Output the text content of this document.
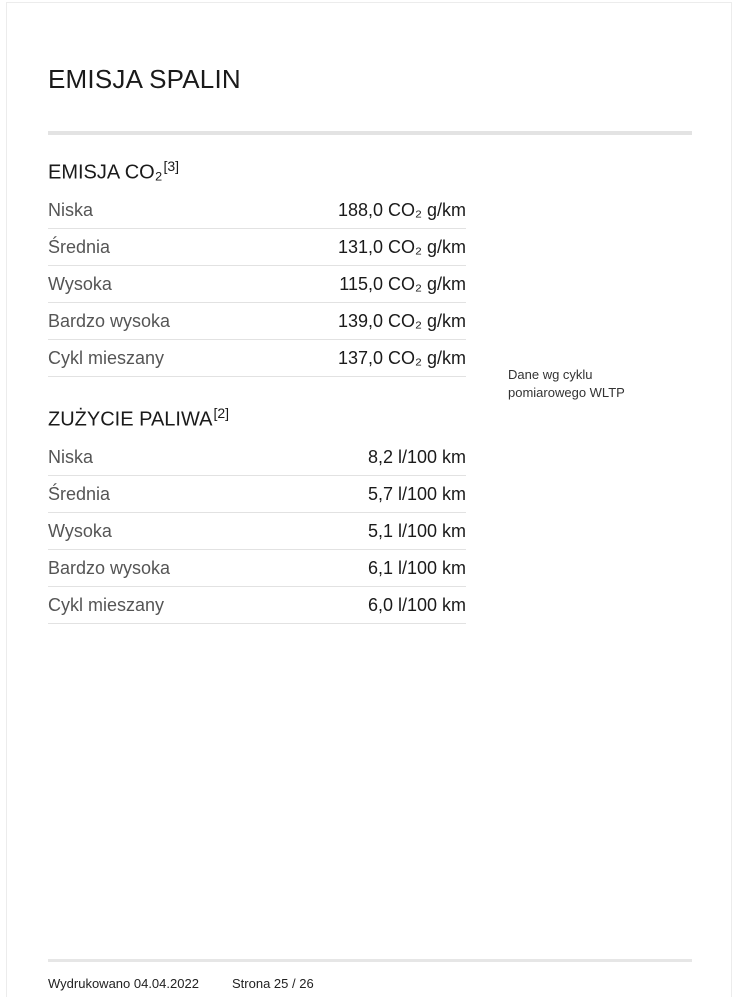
EMISJA SPALIN
EMISJA CO₂[3]
Niska	188,0 CO₂ g/km
Średnia	131,0 CO₂ g/km
Wysoka	115,0 CO₂ g/km
Bardzo wysoka	139,0 CO₂ g/km
Cykl mieszany	137,0 CO₂ g/km
Dane wg cyklu pomiarowego WLTP
ZUŻYCIE PALIWA[2]
Niska	8,2 l/100 km
Średnia	5,7 l/100 km
Wysoka	5,1 l/100 km
Bardzo wysoka	6,1 l/100 km
Cykl mieszany	6,0 l/100 km
Wydrukowano 04.04.2022	Strona 25 / 26
